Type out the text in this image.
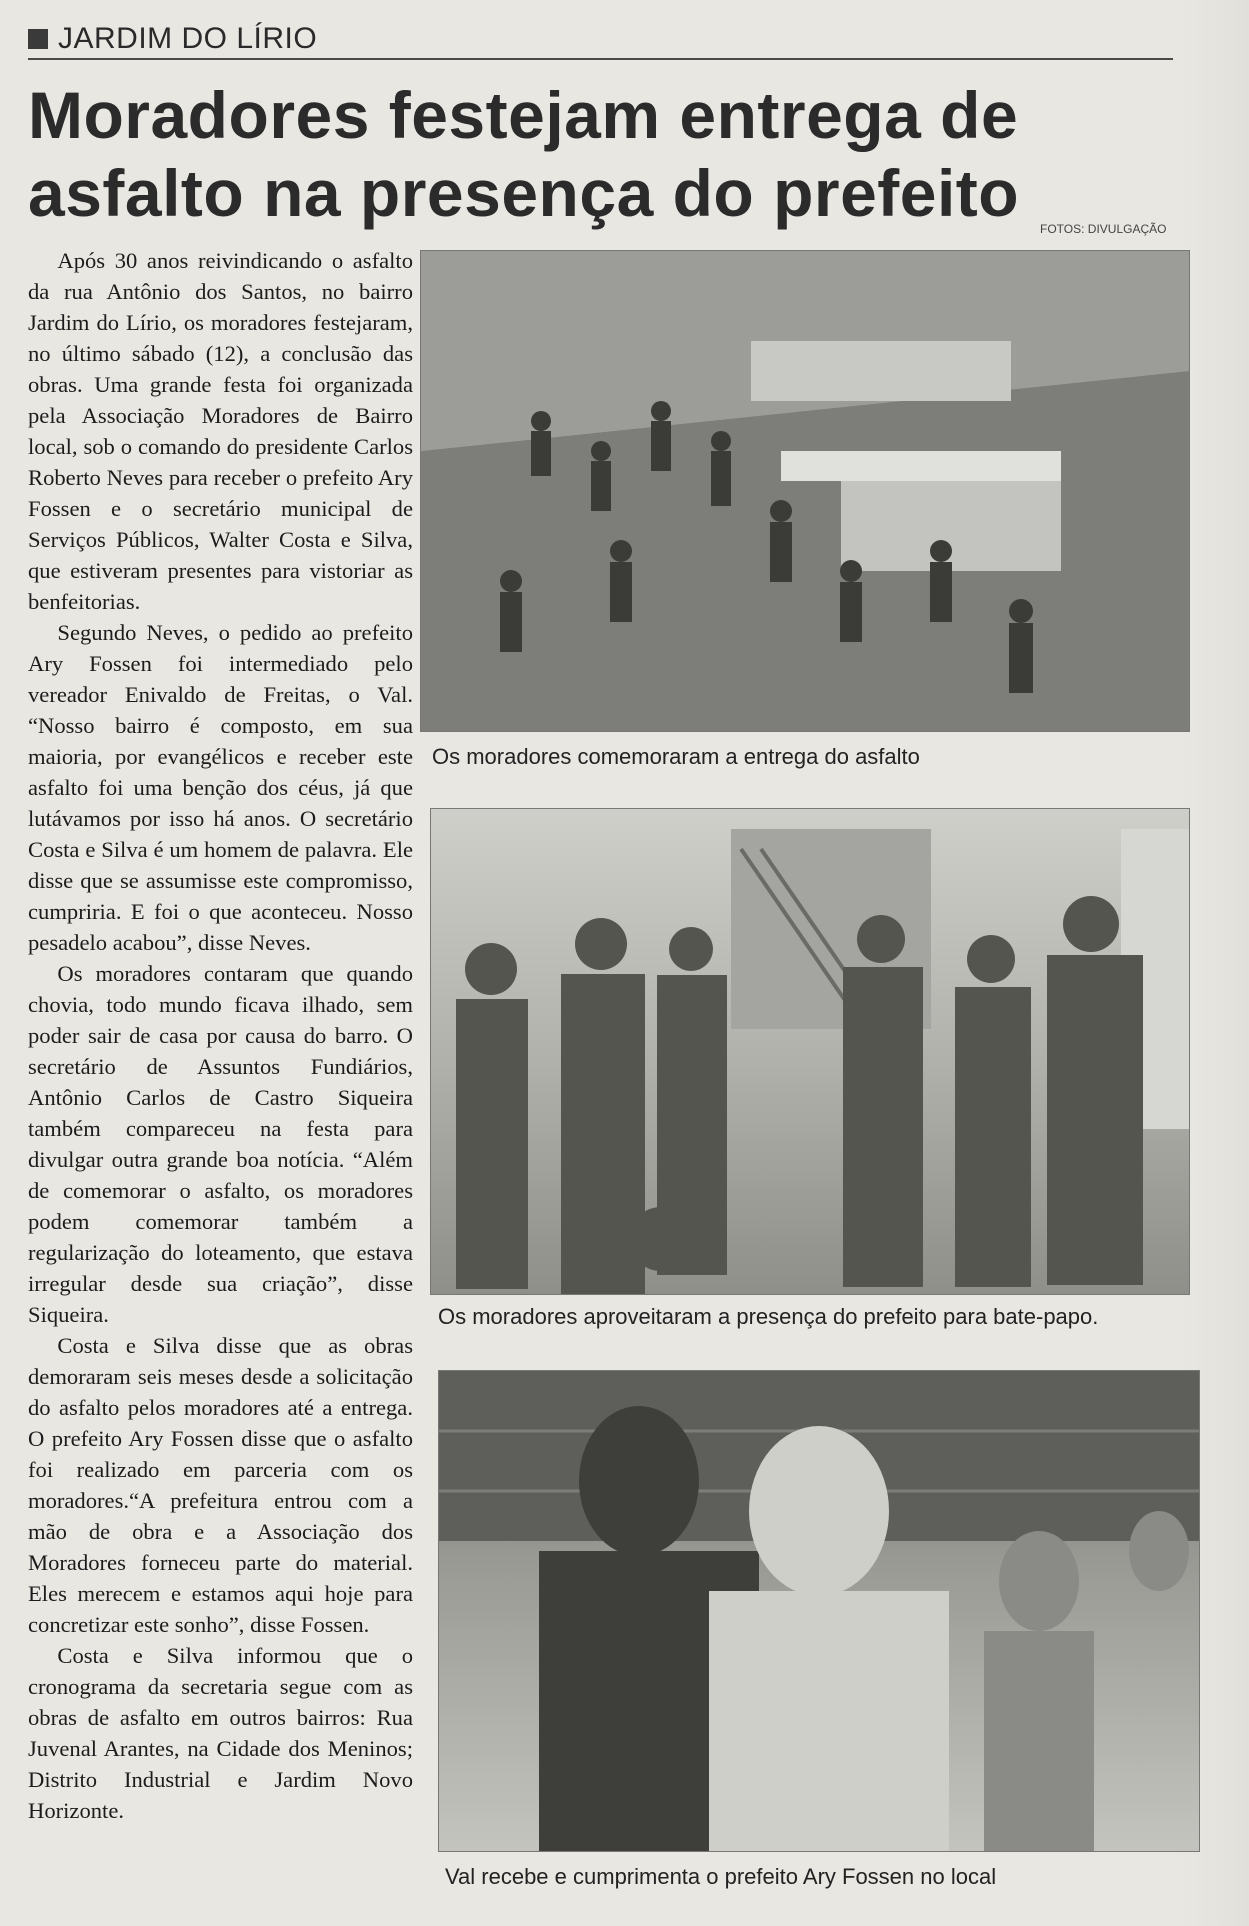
JARDIM DO LÍRIO
Moradores festejam entrega de asfalto na presença do prefeito	FOTOS: DIVULGAÇÃO

Após 30 anos reivindicando o asfalto da rua Antônio dos Santos, no bairro Jardim do Lírio, os moradores festejaram, no último sábado (12), a conclusão das obras. Uma grande festa foi organizada pela Associação Moradores de Bairro local, sob o comando do presidente Carlos Roberto Neves para receber o prefeito Ary Fossen e o secretário municipal de Serviços Públicos, Walter Costa e Silva, que estiveram presentes para vistoriar as benfeitorias.

Segundo Neves, o pedido ao prefeito Ary Fossen foi intermediado pelo vereador Enivaldo de Freitas, o Val. “Nosso bairro é composto, em sua maioria, por evangélicos e receber este asfalto foi uma benção dos céus, já que lutávamos por isso há anos. O secretário Costa e Silva é um homem de palavra. Ele disse que se assumisse este compromisso, cumpriria. E foi o que aconteceu. Nosso pesadelo acabou”, disse Neves.

Os moradores contaram que quando chovia, todo mundo ficava ilhado, sem poder sair de casa por causa do barro. O secretário de Assuntos Fundiários, Antônio Carlos de Castro Siqueira também compareceu na festa para divulgar outra grande boa notícia. “Além de comemorar o asfalto, os moradores podem comemorar também a regularização do loteamento, que estava irregular desde sua criação”, disse Siqueira.

Costa e Silva disse que as obras demoraram seis meses desde a solicitação do asfalto pelos moradores até a entrega. O prefeito Ary Fossen disse que o asfalto foi realizado em parceria com os moradores.“A prefeitura entrou com a mão de obra e a Associação dos Moradores forneceu parte do material. Eles merecem e estamos aqui hoje para concretizar este sonho”, disse Fossen.

Costa e Silva informou que o cronograma da secretaria segue com as obras de asfalto em outros bairros: Rua Juvenal Arantes, na Cidade dos Meninos; Distrito Industrial e Jardim Novo Horizonte.

Os moradores comemoraram a entrega do asfalto
Os moradores aproveitaram a presença do prefeito para bate-papo.
Val recebe e cumprimenta o prefeito Ary Fossen no local
